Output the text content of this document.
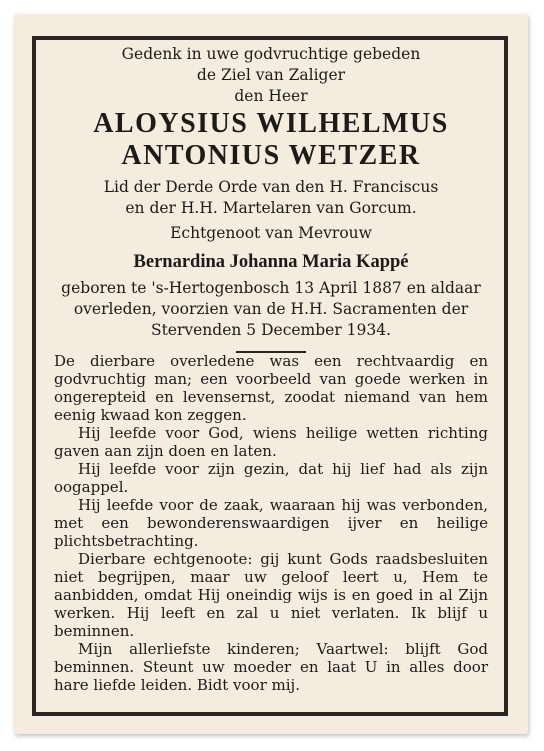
Gedenk in uwe godvruchtige gebeden

de Ziel van Zaliger

den Heer

ALOYSIUS WILHELMUS

ANTONIUS WETZER

Lid der Derde Orde van den H. Franciscus

en der H.H. Martelaren van Gorcum.

Echtgenoot van Mevrouw

Bernardina Johanna Maria Kappé

geboren te 's-Hertogenbosch 13 April 1887 en aldaar

overleden, voorzien van de H.H. Sacramenten der

Stervenden 5 December 1934.

De dierbare overledene was een rechtvaardig en godvruchtig man; een voorbeeld van goede werken in ongerepteid en levensernst, zoodat niemand van hem eenig kwaad kon zeggen.

Hij leefde voor God, wiens heilige wetten richting gaven aan zijn doen en laten.

Hij leefde voor zijn gezin, dat hij lief had als zijn oogappel.

Hij leefde voor de zaak, waaraan hij was verbonden, met een bewonderenswaardigen ijver en heilige plichtsbetrachting.

Dierbare echtgenoote: gij kunt Gods raadsbesluiten niet begrijpen, maar uw geloof leert u, Hem te aanbidden, omdat Hij oneindig wijs is en goed in al Zijn werken. Hij leeft en zal u niet verlaten. Ik blijf u beminnen.

Mijn allerliefste kinderen; Vaartwel: blijft God beminnen. Steunt uw moeder en laat U in alles door hare liefde leiden. Bidt voor mij.
